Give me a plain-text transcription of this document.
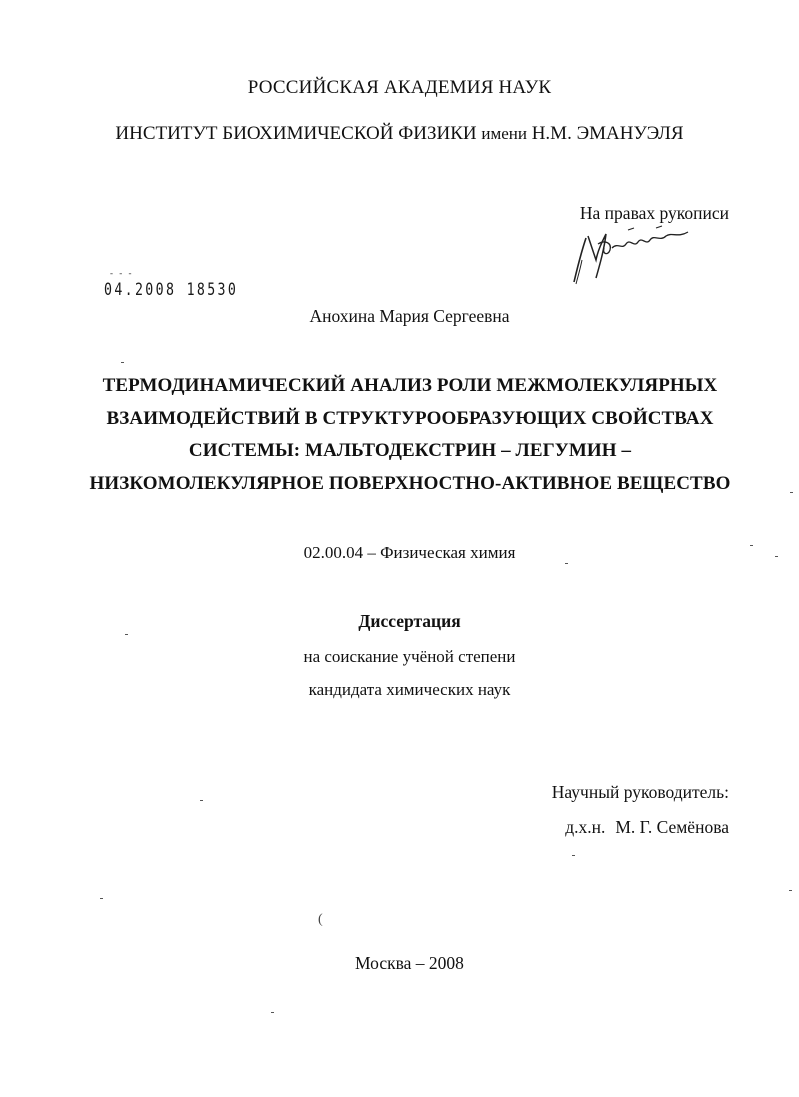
РОССИЙСКАЯ АКАДЕМИЯ НАУК
ИНСТИТУТ БИОХИМИЧЕСКОЙ ФИЗИКИ имени Н.М. ЭМАНУЭЛЯ
На правах рукописи
- - -
04.2008 18530
Анохина Мария Сергеевна
ТЕРМОДИНАМИЧЕСКИЙ АНАЛИЗ РОЛИ МЕЖМОЛЕКУЛЯРНЫХ
ВЗАИМОДЕЙСТВИЙ В СТРУКТУРООБРАЗУЮЩИХ СВОЙСТВАХ
СИСТЕМЫ: МАЛЬТОДЕКСТРИН – ЛЕГУМИН –
НИЗКОМОЛЕКУЛЯРНОЕ ПОВЕРХНОСТНО-АКТИВНОЕ ВЕЩЕСТВО
02.00.04 – Физическая химия
Диссертация
на соискание учёной степени
кандидата химических наук
Научный руководитель:
д.х.н. М. Г. Семёнова
Москва – 2008
(
